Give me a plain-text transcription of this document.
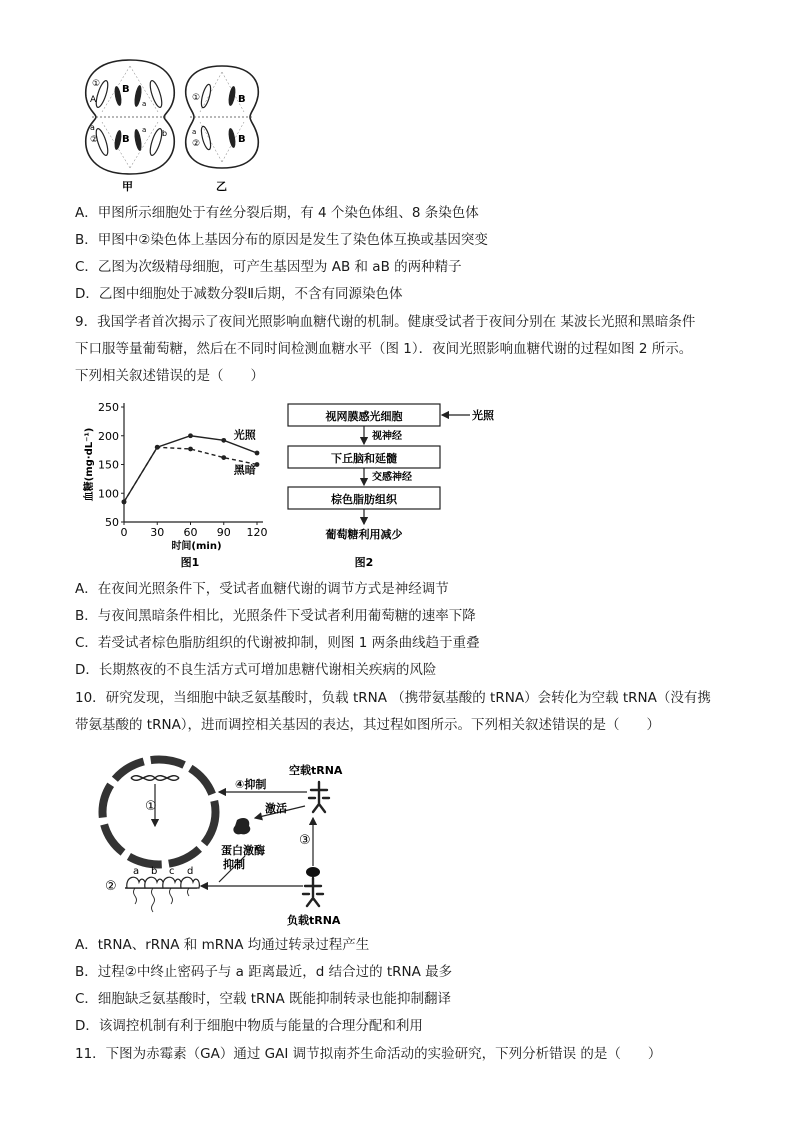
①
A
B
a
a
② B
a b
①	B
a
②	B
甲	乙
A．甲图所示细胞处于有丝分裂后期，有 4 个染色体组、8 条染色体
B．甲图中②染色体上基因分布的原因是发生了染色体互换或基因突变
C．乙图为次级精母细胞，可产生基因型为 AB 和 aB 的两种精子
D．乙图中细胞处于减数分裂Ⅱ后期，不含有同源染色体
9．我国学者首次揭示了夜间光照影响血糖代谢的机制。健康受试者于夜间分别在 某波长光照和黑暗条件
下口服等量葡萄糖，然后在不同时间检测血糖水平（图 1）．夜间光照影响血糖代谢的过程如图 2 所示。
下列相关叙述错误的是（　　）
50
100
150
200
250
0 30 60 90 120
时间(min)
血糖(mg·dL⁻¹)	光照
黑暗
图1
视网膜感光细胞	光照
视神经
下丘脑和延髓
交感神经
棕色脂肪组织
葡萄糖利用减少
图2
A．在夜间光照条件下，受试者血糖代谢的调节方式是神经调节
B．与夜间黑暗条件相比，光照条件下受试者利用葡萄糖的速率下降
C．若受试者棕色脂肪组织的代谢被抑制，则图 1 两条曲线趋于重叠
D．长期熬夜的不良生活方式可增加患糖代谢相关疾病的风险
10．研究发现，当细胞中缺乏氨基酸时，负载 tRNA （携带氨基酸的 tRNA）会转化为空载 tRNA（没有携
带氨基酸的 tRNA），进而调控相关基因的表达，其过程如图所示。下列相关叙述错误的是（　　）
①
④抑制
空载tRNA
激活
蛋白激酶
③
负载tRNA
抑制
②
a b c d
A．tRNA、rRNA 和 mRNA 均通过转录过程产生
B．过程②中终止密码子与 a 距离最近，d 结合过的 tRNA 最多
C．细胞缺乏氨基酸时，空载 tRNA 既能抑制转录也能抑制翻译
D．该调控机制有利于细胞中物质与能量的合理分配和利用
11．下图为赤霉素（GA）通过 GAI 调节拟南芥生命活动的实验研究，下列分析错误 的是（　　）
